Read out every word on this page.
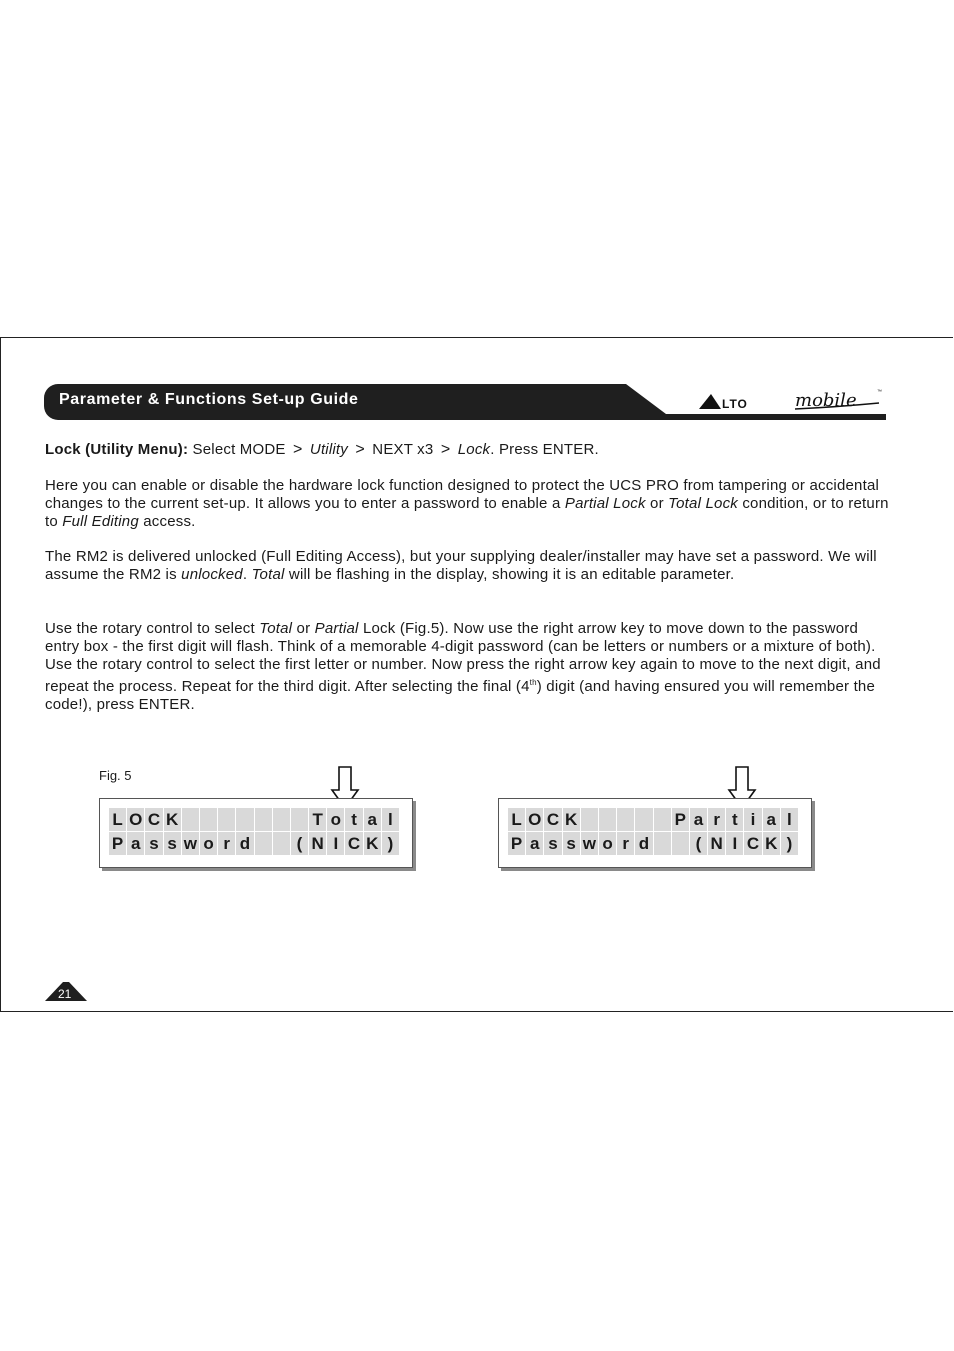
Parameter & Functions Set-up Guide	LTO	mobile	™
Lock (Utility Menu): Select MODE > Utility > NEXT x3 > Lock. Press ENTER.
Here you can enable or disable the hardware lock function designed to protect the UCS PRO from tampering or accidental changes to the current set-up. It allows you to enter a password to enable a Partial Lock or Total Lock condition, or to return to Full Editing access.
The RM2 is delivered unlocked (Full Editing Access), but your supplying dealer/installer may have set a password. We will assume the RM2 is unlocked. Total will be flashing in the display, showing it is an editable parameter.
Use the rotary control to select Total or Partial Lock (Fig.5). Now use the right arrow key to move down to the password entry box - the first digit will flash. Think of a memorable 4-digit password (can be letters or numbers or a mixture of both). Use the rotary control to select the first letter or number. Now press the right arrow key again to move to the next digit, and repeat the process. Repeat for the third digit. After selecting the final (4th) digit (and having ensured you will remember the code!), press ENTER.
Fig. 5
L O C K	T o t a l
P a s s w o r d	( N I C K )
L O C K	P a r t i a l
P a s s w o r d	( N I C K )
21
